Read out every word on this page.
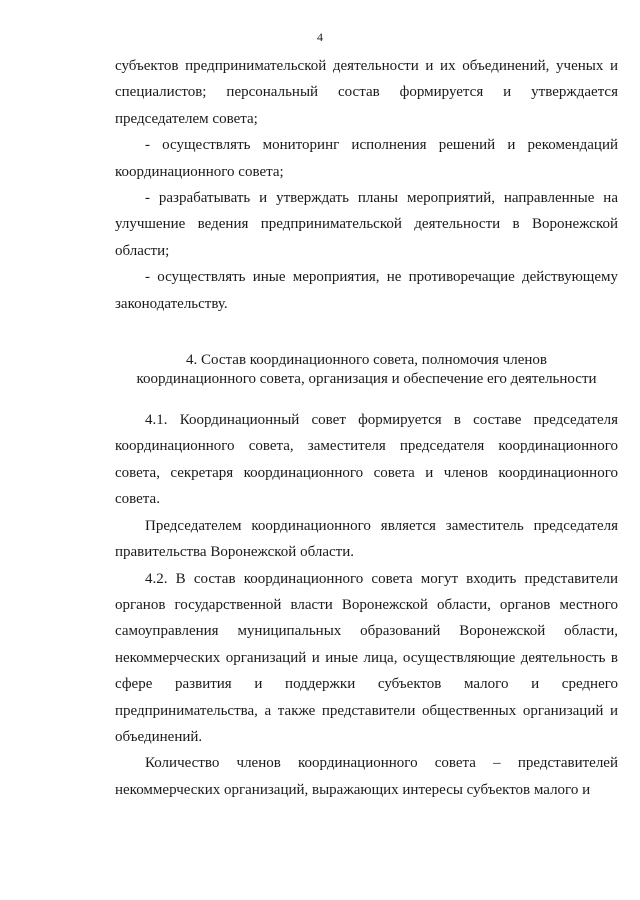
4

субъектов предпринимательской деятельности и их объединений, ученых и специалистов; персональный состав формируется и утверждается председателем совета;

- осуществлять мониторинг исполнения решений и рекомендаций координационного совета;

- разрабатывать и утверждать планы мероприятий, направленные на улучшение ведения предпринимательской деятельности в Воронежской области;

- осуществлять иные мероприятия, не противоречащие действующему законодательству.

4. Состав координационного совета, полномочия членов
координационного совета, организация и обеспечение его деятельности

4.1. Координационный совет формируется в составе председателя координационного совета, заместителя председателя координационного совета, секретаря координационного совета и членов координационного совета.

Председателем координационного является заместитель председателя правительства Воронежской области.

4.2. В состав координационного совета могут входить представители органов государственной власти Воронежской области, органов местного самоуправления муниципальных образований Воронежской области, некоммерческих организаций и иные лица, осуществляющие деятельность в сфере развития и поддержки субъектов малого и среднего предпринимательства, а также представители общественных организаций и объединений.

Количество членов координационного совета – представителей некоммерческих организаций, выражающих интересы субъектов малого и
